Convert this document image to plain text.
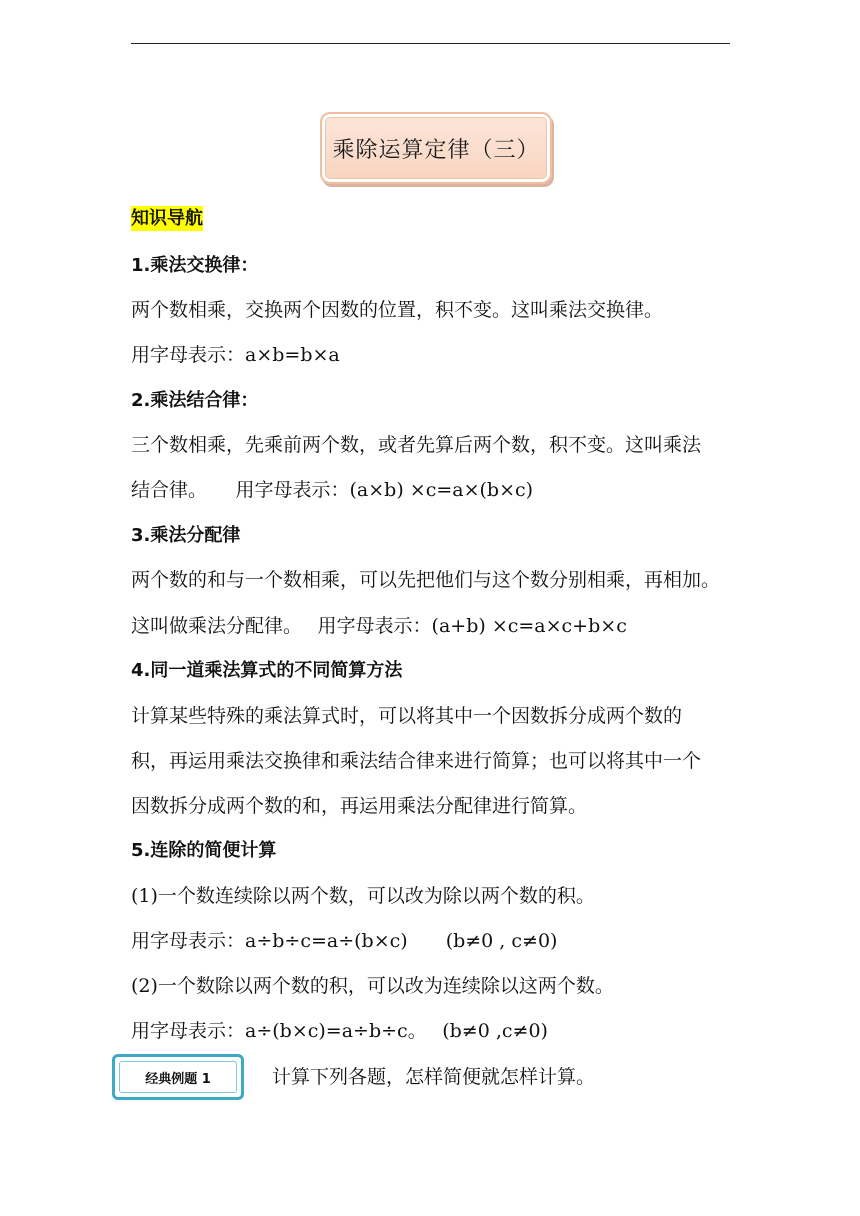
乘除运算定律（三）
知识导航
1.乘法交换律：
两个数相乘，交换两个因数的位置，积不变。这叫乘法交换律。
用字母表示：a×b=b×a
2.乘法结合律：
三个数相乘，先乘前两个数，或者先算后两个数，积不变。这叫乘法
结合律。　　用字母表示：(a×b) ×c=a×(b×c)
3.乘法分配律
两个数的和与一个数相乘，可以先把他们与这个数分别相乘，再相加。
这叫做乘法分配律。　 用字母表示：(a+b) ×c=a×c+b×c
4.同一道乘法算式的不同简算方法
计算某些特殊的乘法算式时，可以将其中一个因数拆分成两个数的
积，再运用乘法交换律和乘法结合律来进行简算；也可以将其中一个
因数拆分成两个数的和，再运用乘法分配律进行简算。
5.连除的简便计算
(1)一个数连续除以两个数，可以改为除以两个数的积。
用字母表示：a÷b÷c=a÷(b×c)　　(b≠0 , c≠0)
(2)一个数除以两个数的积，可以改为连续除以这两个数。
用字母表示：a÷(b×c)=a÷b÷c。　 (b≠0 ,c≠0)
经典例题 1	计算下列各题，怎样简便就怎样计算。
